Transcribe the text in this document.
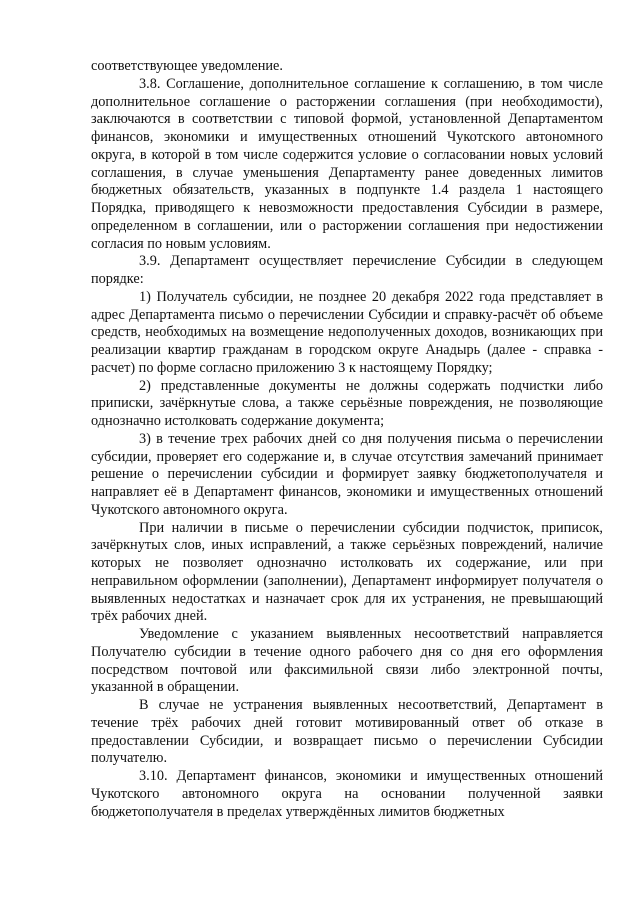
соответствующее уведомление.

3.8. Соглашение, дополнительное соглашение к соглашению, в том числе дополнительное соглашение о расторжении соглашения (при необходимости), заключаются в соответствии с типовой формой, установленной Департаментом финансов, экономики и имущественных отношений Чукотского автономного округа, в которой в том числе содержится условие о согласовании новых условий соглашения, в случае уменьшения Департаменту ранее доведенных лимитов бюджетных обязательств, указанных в подпункте 1.4 раздела 1 настоящего Порядка, приводящего к невозможности предоставления Субсидии в размере, определенном в соглашении, или о расторжении соглашения при недостижении согласия по новым условиям.

3.9. Департамент осуществляет перечисление Субсидии в следующем порядке:

1) Получатель субсидии, не позднее 20 декабря 2022 года представляет в адрес Департамента письмо о перечислении Субсидии и справку-расчёт об объеме средств, необходимых на возмещение недополученных доходов, возникающих при реализации квартир гражданам в городском округе Анадырь (далее - справка - расчет) по форме согласно приложению 3 к настоящему Порядку;

2) представленные документы не должны содержать подчистки либо приписки, зачёркнутые слова, а также серьёзные повреждения, не позволяющие однозначно истолковать содержание документа;

3) в течение трех рабочих дней со дня получения письма о перечислении субсидии, проверяет его содержание и, в случае отсутствия замечаний принимает решение о перечислении субсидии и формирует заявку бюджетополучателя и направляет её в Департамент финансов, экономики и имущественных отношений Чукотского автономного округа.

При наличии в письме о перечислении субсидии подчисток, приписок, зачёркнутых слов, иных исправлений, а также серьёзных повреждений, наличие которых не позволяет однозначно истолковать их содержание, или при неправильном оформлении (заполнении), Департамент информирует получателя о выявленных недостатках и назначает срок для их устранения, не превышающий трёх рабочих дней.

Уведомление с указанием выявленных несоответствий направляется Получателю субсидии в течение одного рабочего дня со дня его оформления посредством почтовой или факсимильной связи либо электронной почты, указанной в обращении.

В случае не устранения выявленных несоответствий, Департамент в течение трёх рабочих дней готовит мотивированный ответ об отказе в предоставлении Субсидии, и возвращает письмо о перечислении Субсидии получателю.

3.10. Департамент финансов, экономики и имущественных отношений Чукотского автономного округа на основании полученной заявки бюджетополучателя в пределах утверждённых лимитов бюджетных
